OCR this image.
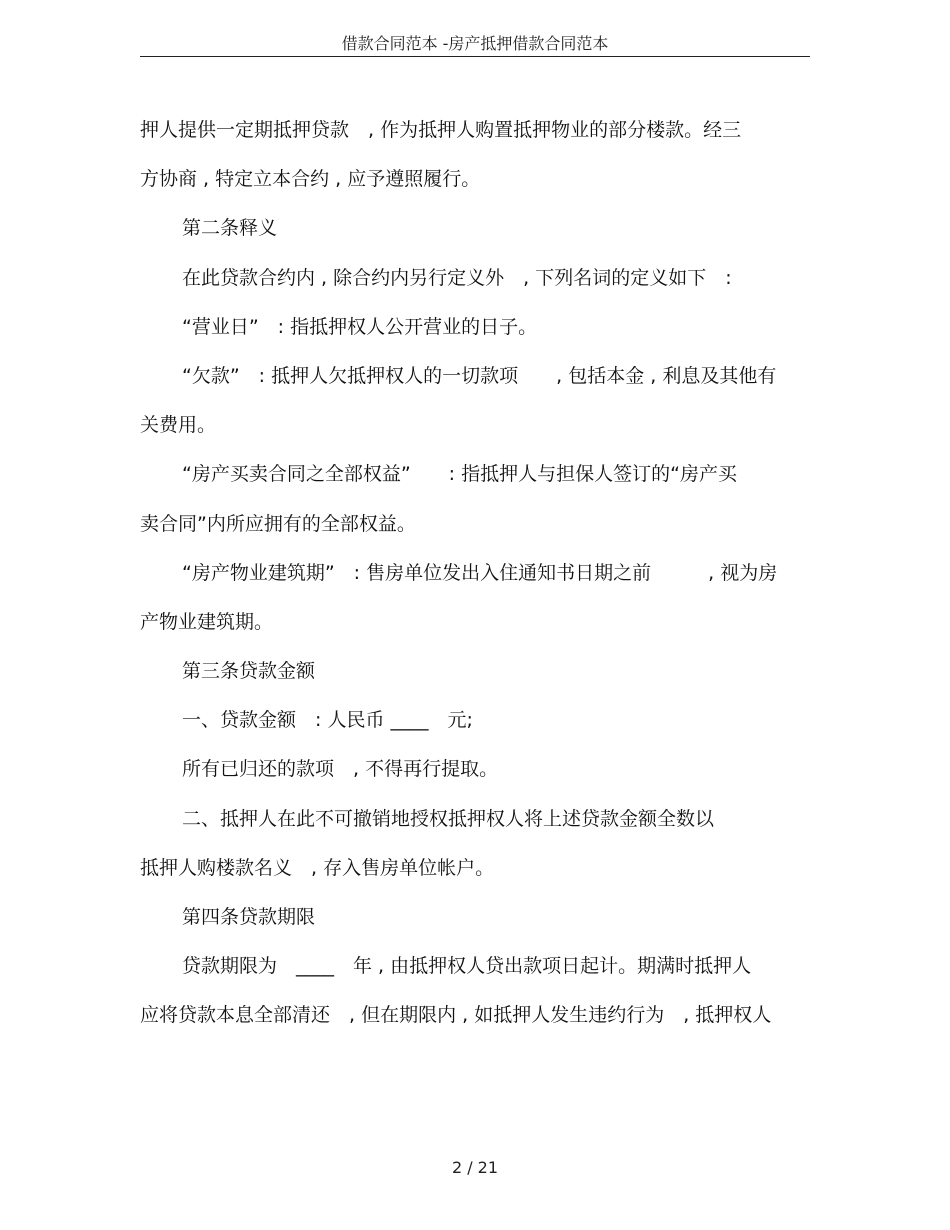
借款合同范本 -房产抵押借款合同范本
押人提供一定期抵押贷款　, 作为抵押人购置抵押物业的部分楼款。经三
方协商 , 特定立本合约 , 应予遵照履行。
第二条释义
在此贷款合约内 , 除合约内另行定义外　, 下列名词的定义如下　:
“营业日”　: 指抵押权人公开营业的日子。
“欠款”　: 抵押人欠抵押权人的一切款项　　, 包括本金 , 利息及其他有
关费用。
“房产买卖合同之全部权益”　　: 指抵押人与担保人签订的“房产买
卖合同”内所应拥有的全部权益。
“房产物业建筑期”　: 售房单位发出入住通知书日期之前　　　, 视为房
产物业建筑期。
第三条贷款金额
一、贷款金额　: 人民币 ____　元;
所有已归还的款项　, 不得再行提取。
二、抵押人在此不可撤销地授权抵押权人将上述贷款金额全数以
抵押人购楼款名义　, 存入售房单位帐户。
第四条贷款期限
贷款期限为　____　年 , 由抵押权人贷出款项日起计。期满时抵押人
应将贷款本息全部清还　, 但在期限内 , 如抵押人发生违约行为　, 抵押权人
2 / 21
